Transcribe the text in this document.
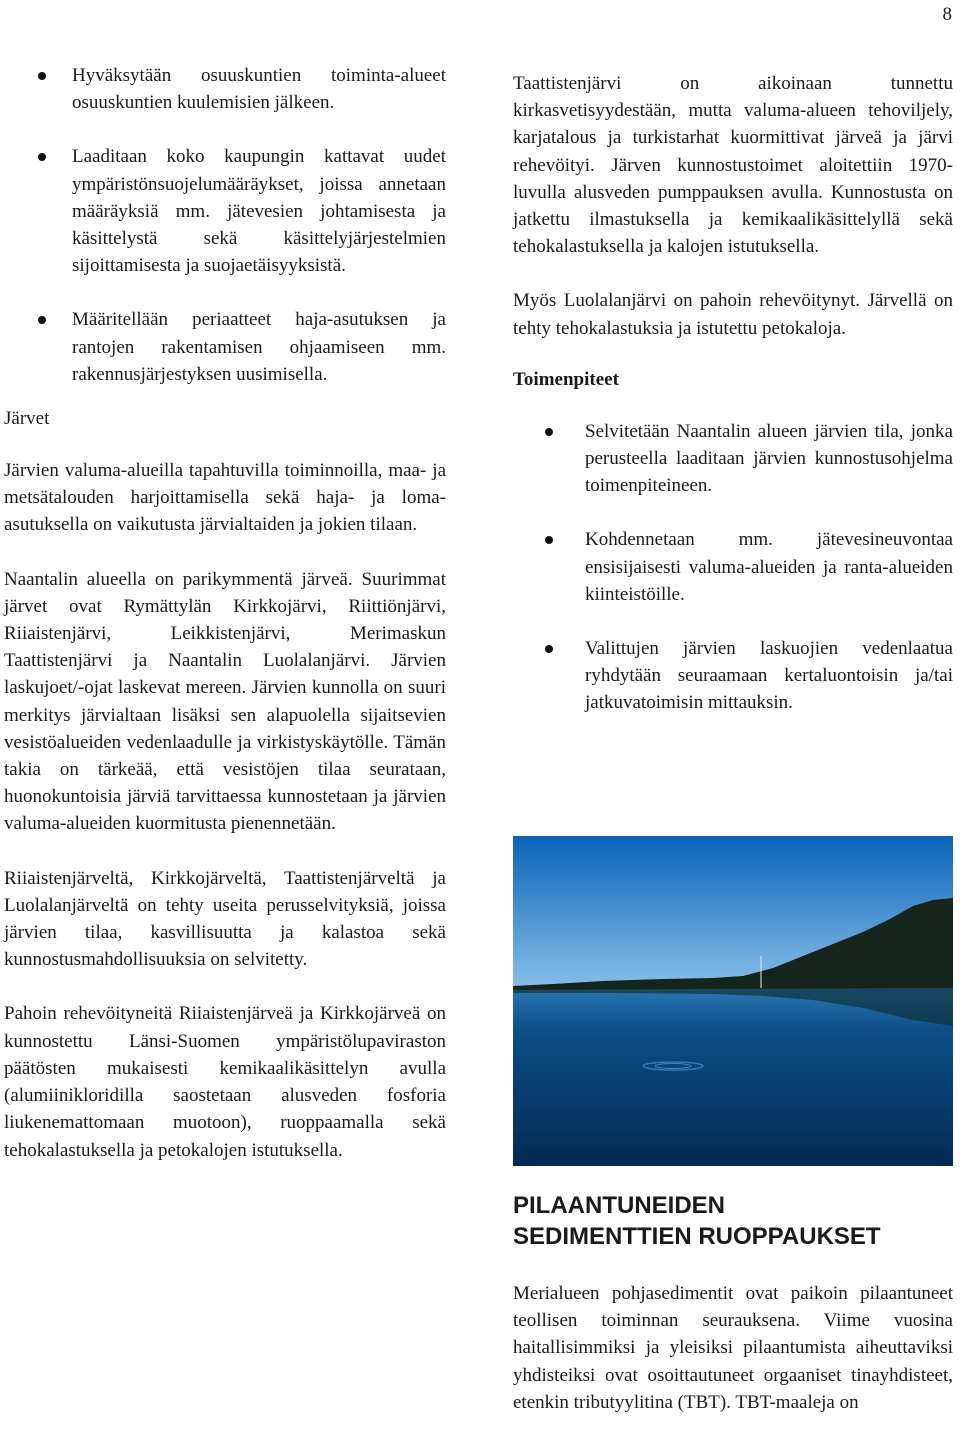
8
Hyväksytään osuuskuntien toiminta-alueet osuuskuntien kuulemisien jälkeen.
Laaditaan koko kaupungin kattavat uudet ympäristönsuojelumääräykset, joissa annetaan määräyksiä mm. jätevesien johtamisesta ja käsittelystä sekä käsittelyjärjestelmien sijoittamisesta ja suojaetäisyyksistä.
Määritellään periaatteet haja-asutuksen ja rantojen rakentamisen ohjaamiseen mm. rakennusjärjestyksen uusimisella.
Järvet

Järvien valuma-alueilla tapahtuvilla toiminnoilla, maa- ja metsätalouden harjoittamisella sekä haja- ja loma-asutuksella on vaikutusta järvialtaiden ja jokien tilaan.

Naantalin alueella on parikymmentä järveä. Suurimmat järvet ovat Rymättylän Kirkkojärvi, Riittiönjärvi, Riiaistenjärvi, Leikkistenjärvi, Merimaskun Taattistenjärvi ja Naantalin Luolalanjärvi. Järvien laskujoet/-ojat laskevat mereen. Järvien kunnolla on suuri merkitys järvialtaan lisäksi sen alapuolella sijaitsevien vesistöalueiden vedenlaadulle ja virkistyskäytölle. Tämän takia on tärkeää, että vesistöjen tilaa seurataan, huonokuntoisia järviä tarvittaessa kunnostetaan ja järvien valuma-alueiden kuormitusta pienennetään.

Riiaistenjärveltä, Kirkkojärveltä, Taattistenjärveltä ja Luolalanjärveltä on tehty useita perusselvityksiä, joissa järvien tilaa, kasvillisuutta ja kalastoa sekä kunnostusmahdollisuuksia on selvitetty.

Pahoin rehevöityneitä Riiaistenjärveä ja Kirkkojärveä on kunnostettu Länsi-Suomen ympäristölupaviraston päätösten mukaisesti kemikaalikäsittelyn avulla (alumiinikloridilla saostetaan alusveden fosforia liukenemattomaan muotoon), ruoppaamalla sekä tehokalastuksella ja petokalojen istutuksella.

Taattistenjärvi on aikoinaan tunnettu kirkasvetisyydestään, mutta valuma-alueen tehoviljely, karjatalous ja turkistarhat kuormittivat järveä ja järvi rehevöityi. Järven kunnostustoimet aloitettiin 1970-luvulla alusveden pumppauksen avulla. Kunnostusta on jatkettu ilmastuksella ja kemikaalikäsittelyllä sekä tehokalastuksella ja kalojen istutuksella.

Myös Luolalanjärvi on pahoin rehevöitynyt. Järvellä on tehty tehokalastuksia ja istutettu petokaloja.

Toimenpiteet
Selvitetään Naantalin alueen järvien tila, jonka perusteella laaditaan järvien kunnostusohjelma toimenpiteineen.
Kohdennetaan mm. jätevesineuvontaa ensisijaisesti valuma-alueiden ja ranta-alueiden kiinteistöille.
Valittujen järvien laskuojien vedenlaatua ryhdytään seuraamaan kertaluontoisin ja/tai jatkuvatoimisin mittauksin.
PILAANTUNEIDEN
SEDIMENTTIEN RUOPPAUKSET

Merialueen pohjasedimentit ovat paikoin pilaantuneet teollisen toiminnan seurauksena. Viime vuosina haitallisimmiksi ja yleisiksi pilaantumista aiheuttaviksi yhdisteiksi ovat osoittautuneet orgaaniset tinayhdisteet, etenkin tributyylitina (TBT). TBT-maaleja on
